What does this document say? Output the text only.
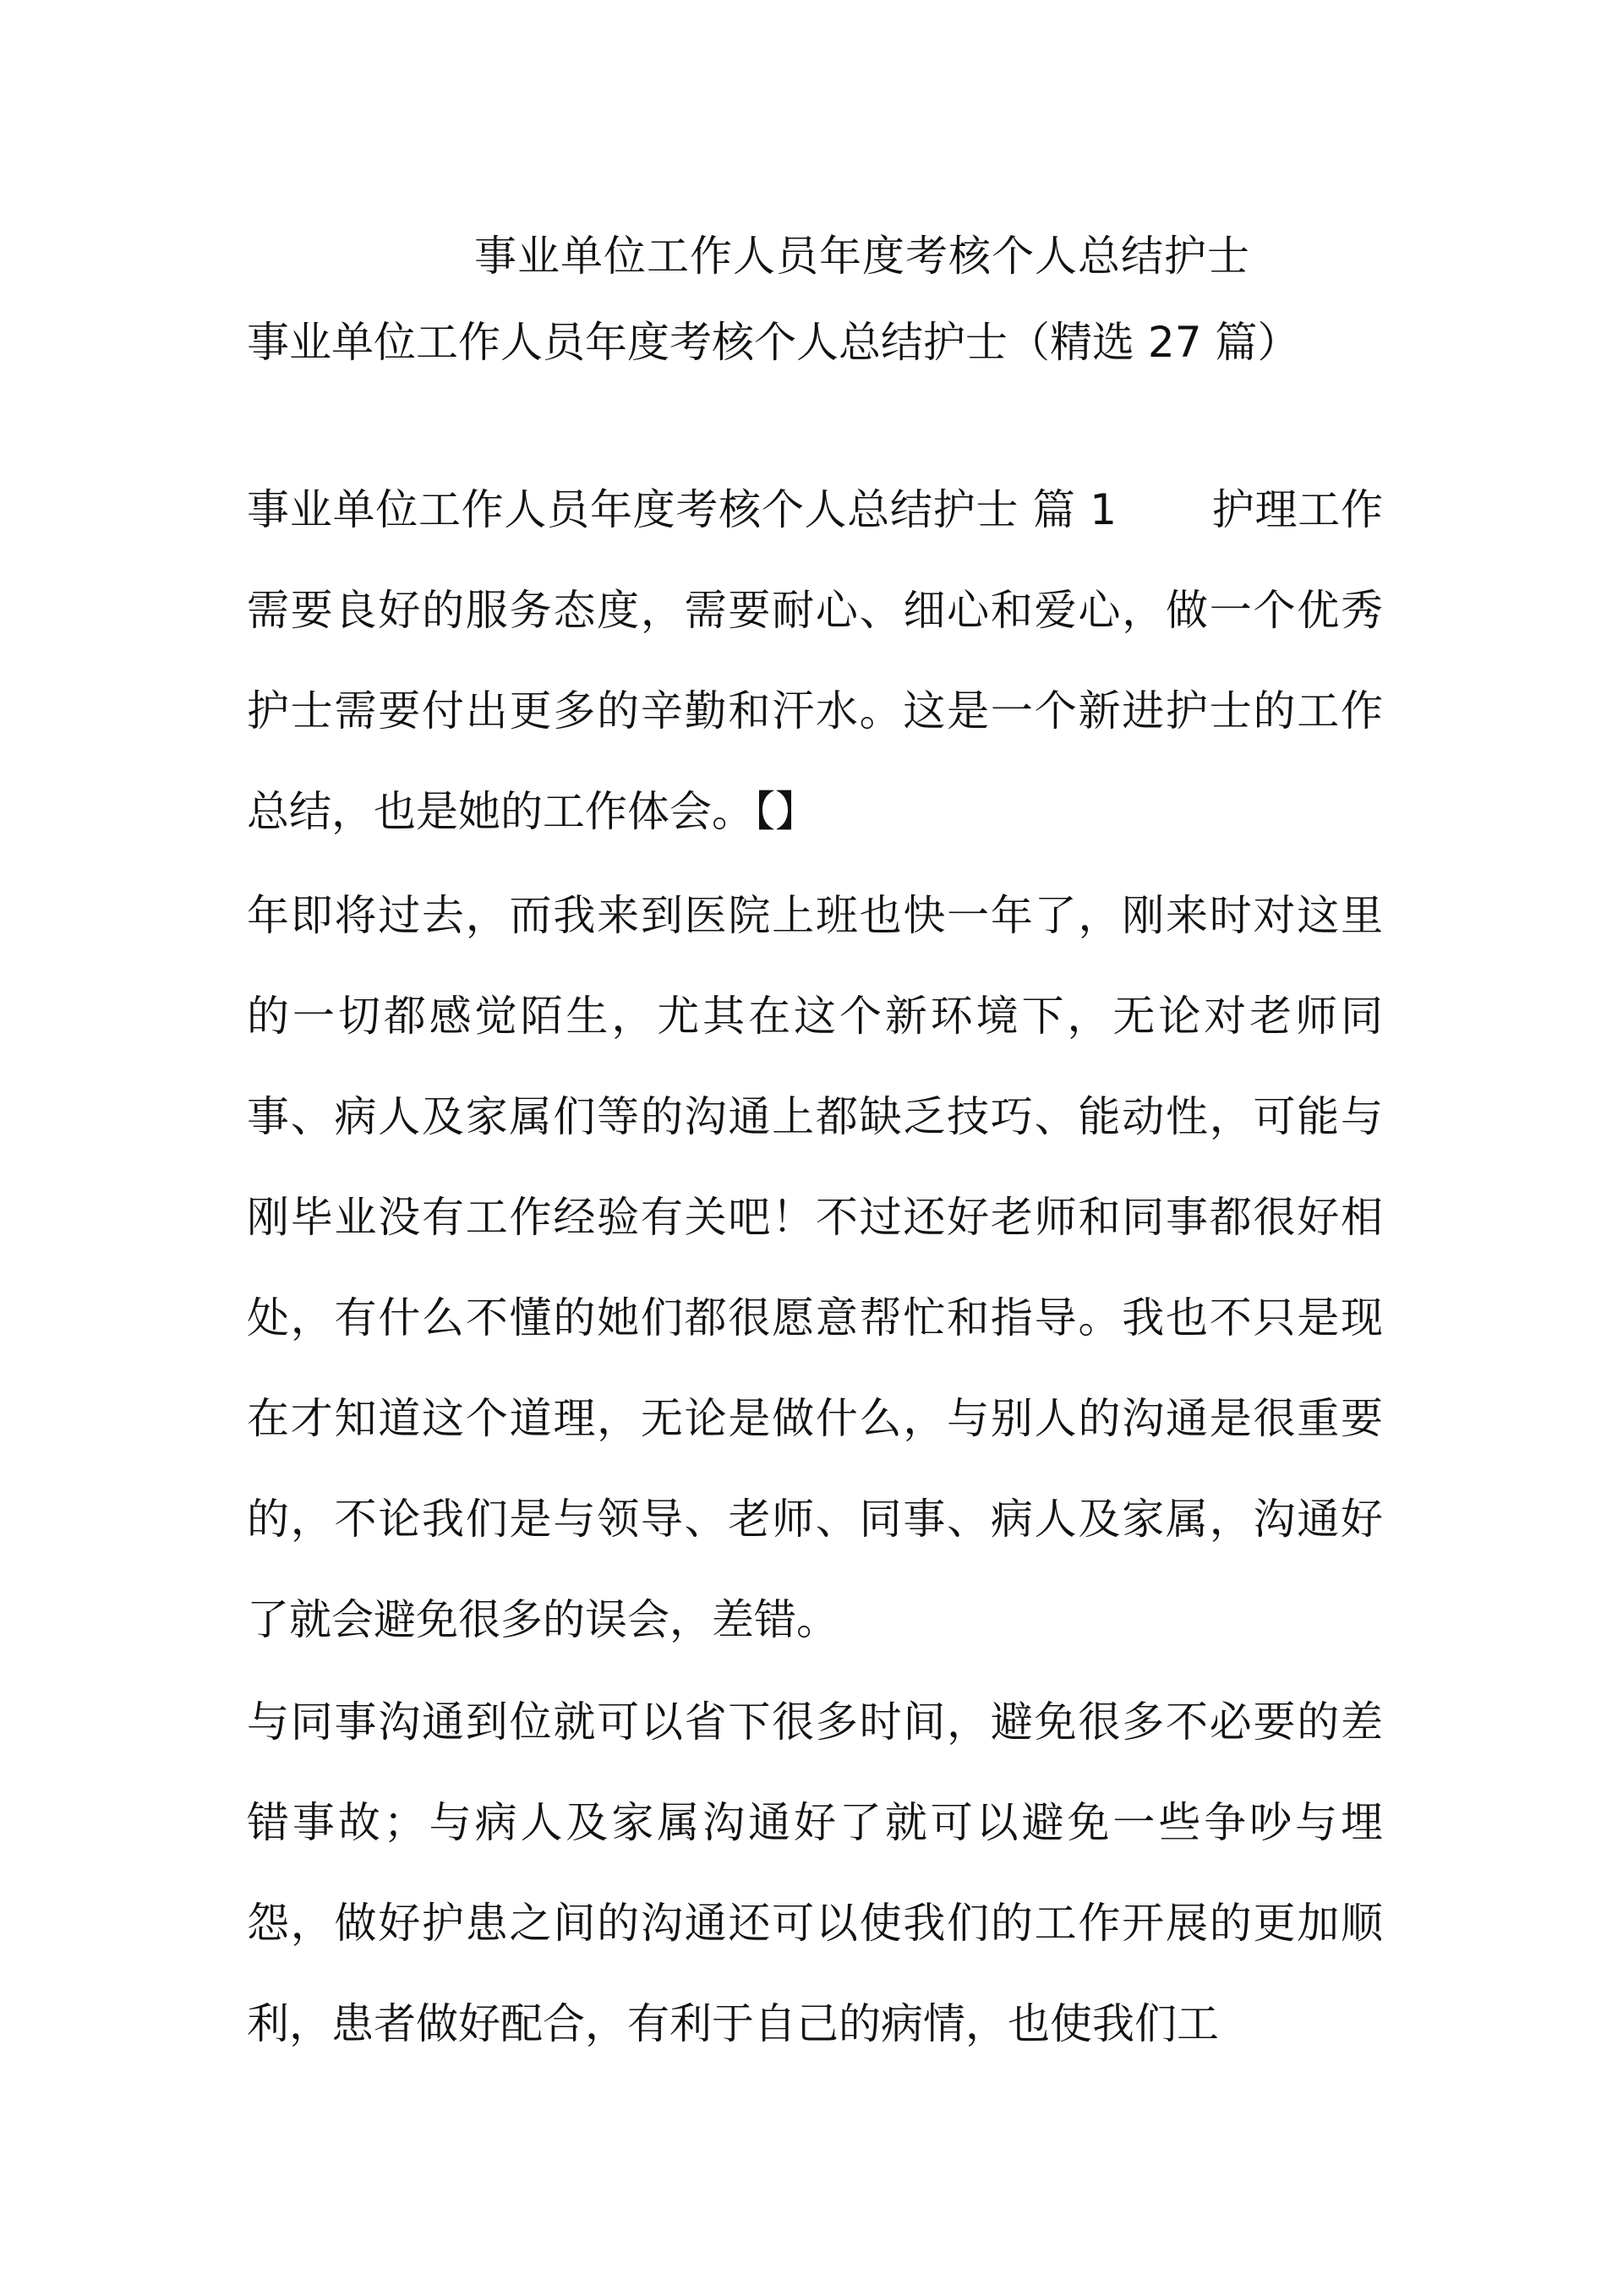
事业单位工作人员年度考核个人总结护士

事业单位工作人员年度考核个人总结护士（精选 27 篇）

事业单位工作人员年度考核个人总结护士 篇 1 护理工作需要良好的服务态度，需要耐心、细心和爱心，做一个优秀护士需要付出更多的辛勤和汗水。这是一个新进护士的工作总结，也是她的工作体会。【】

年即将过去，而我来到医院上班也快一年了，刚来时对这里的一切都感觉陌生，尤其在这个新环境下，无论对老师同事、病人及家属们等的沟通上都缺乏技巧、能动性，可能与刚毕业没有工作经验有关吧！不过还好老师和同事都很好相处，有什么不懂的她们都很愿意帮忙和指导。我也不只是现在才知道这个道理，无论是做什么，与别人的沟通是很重要的，不论我们是与领导、老师、同事、病人及家属，沟通好了就会避免很多的误会，差错。

与同事沟通到位就可以省下很多时间，避免很多不必要的差错事故；与病人及家属沟通好了就可以避免一些争吵与埋怨，做好护患之间的沟通还可以使我们的工作开展的更加顺利，患者做好配合，有利于自己的病情，也使我们工
